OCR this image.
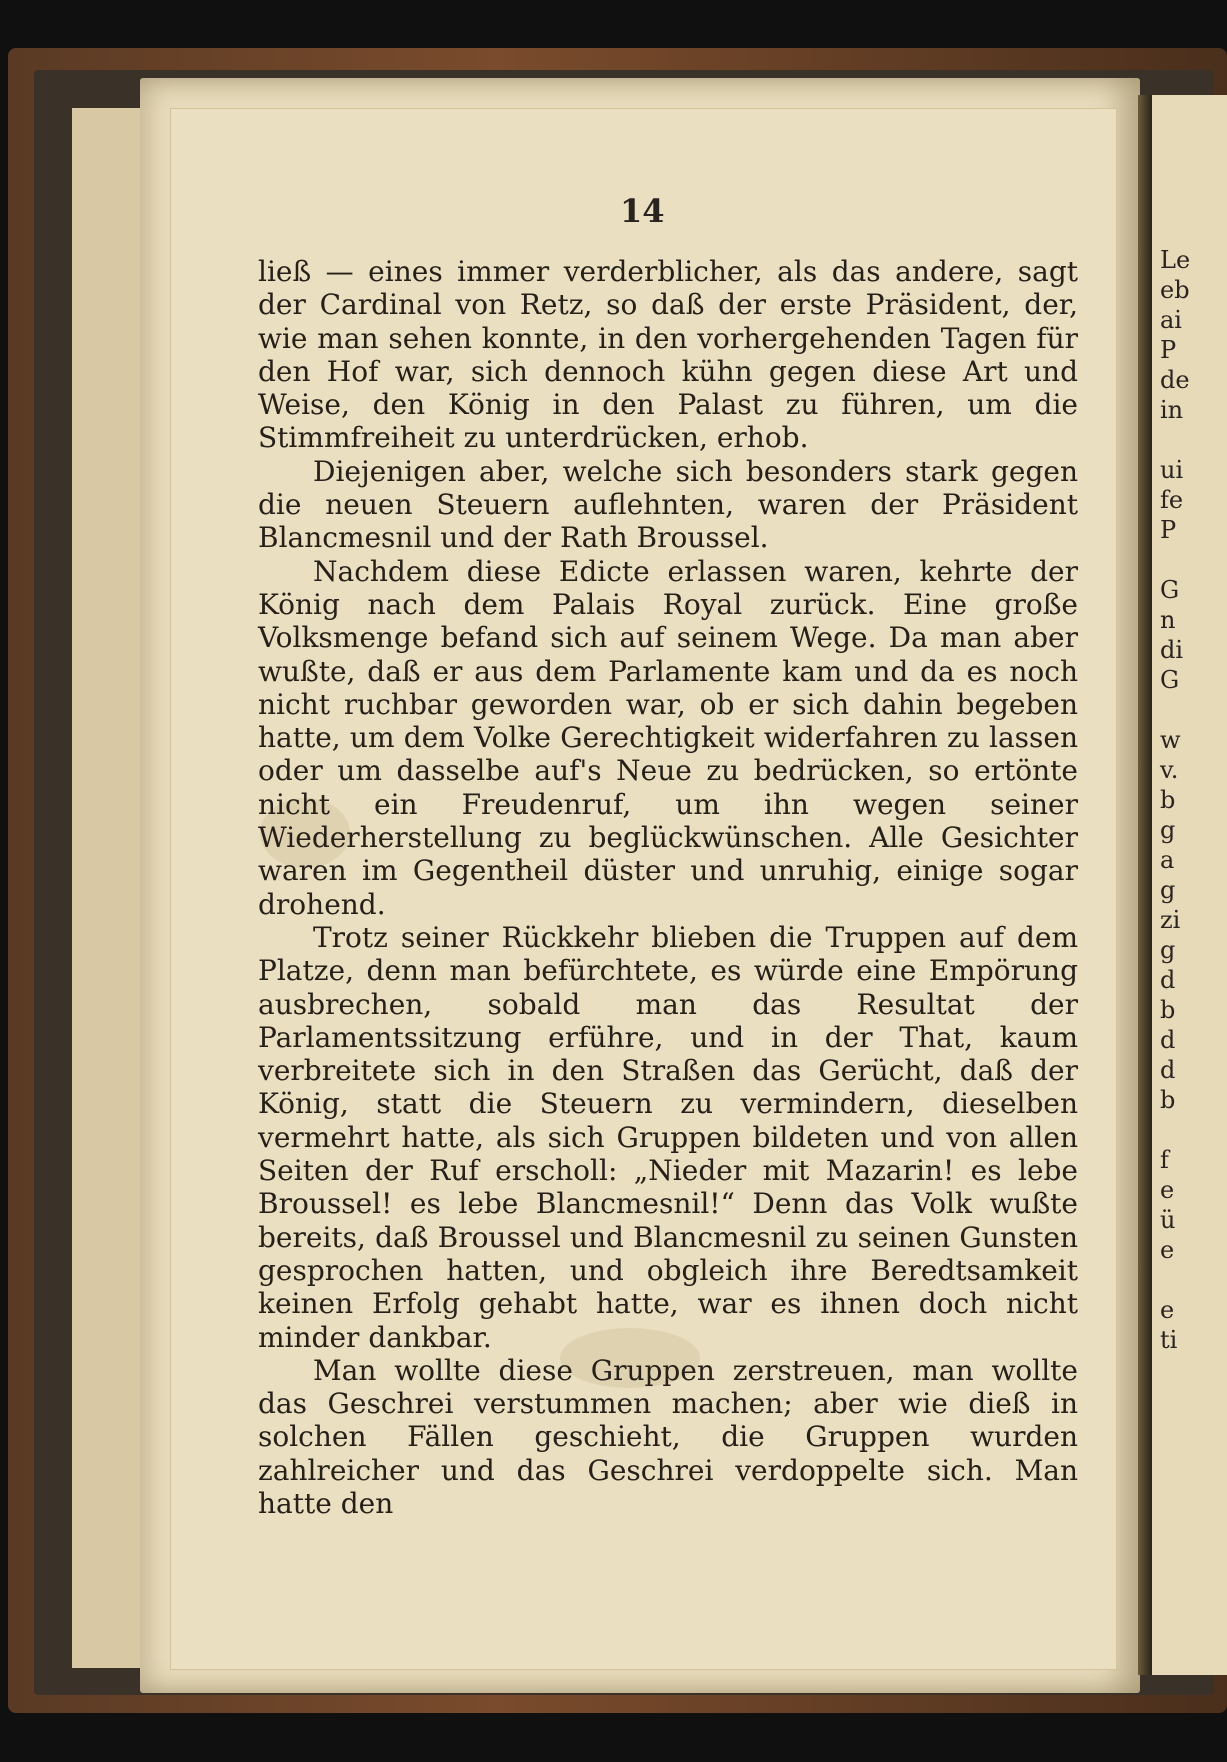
Le
eb
ai
P
de
in

ui
fe
P

G
n
di
G

w
v.
b
g
a
g
zi
g
d
b
d
d
b

f
e
ü
e

e
ti
14

ließ — eines immer verderblicher, als das andere, sagt der Cardinal von Retz, so daß der erste Präsident, der, wie man sehen konnte, in den vorhergehenden Tagen für den Hof war, sich dennoch kühn gegen diese Art und Weise, den König in den Palast zu führen, um die Stimmfreiheit zu unterdrücken, erhob.

Diejenigen aber, welche sich besonders stark gegen die neuen Steuern auflehnten, waren der Präsident Blancmesnil und der Rath Broussel.

Nachdem diese Edicte erlassen waren, kehrte der König nach dem Palais Royal zurück. Eine große Volksmenge befand sich auf seinem Wege. Da man aber wußte, daß er aus dem Parlamente kam und da es noch nicht ruchbar geworden war, ob er sich dahin begeben hatte, um dem Volke Gerechtigkeit widerfahren zu lassen oder um dasselbe auf's Neue zu bedrücken, so ertönte nicht ein Freudenruf, um ihn wegen seiner Wiederherstellung zu beglückwünschen. Alle Gesichter waren im Gegentheil düster und unruhig, einige sogar drohend.

Trotz seiner Rückkehr blieben die Truppen auf dem Platze, denn man befürchtete, es würde eine Empörung ausbrechen, sobald man das Resultat der Parlamentssitzung erführe, und in der That, kaum verbreitete sich in den Straßen das Gerücht, daß der König, statt die Steuern zu vermindern, dieselben vermehrt hatte, als sich Gruppen bildeten und von allen Seiten der Ruf erscholl: „Nieder mit Mazarin! es lebe Broussel! es lebe Blancmesnil!“ Denn das Volk wußte bereits, daß Broussel und Blancmesnil zu seinen Gunsten gesprochen hatten, und obgleich ihre Beredtsamkeit keinen Erfolg gehabt hatte, war es ihnen doch nicht minder dankbar.

Man wollte diese Gruppen zerstreuen, man wollte das Geschrei verstummen machen; aber wie dieß in solchen Fällen geschieht, die Gruppen wurden zahlreicher und das Geschrei verdoppelte sich. Man hatte den
